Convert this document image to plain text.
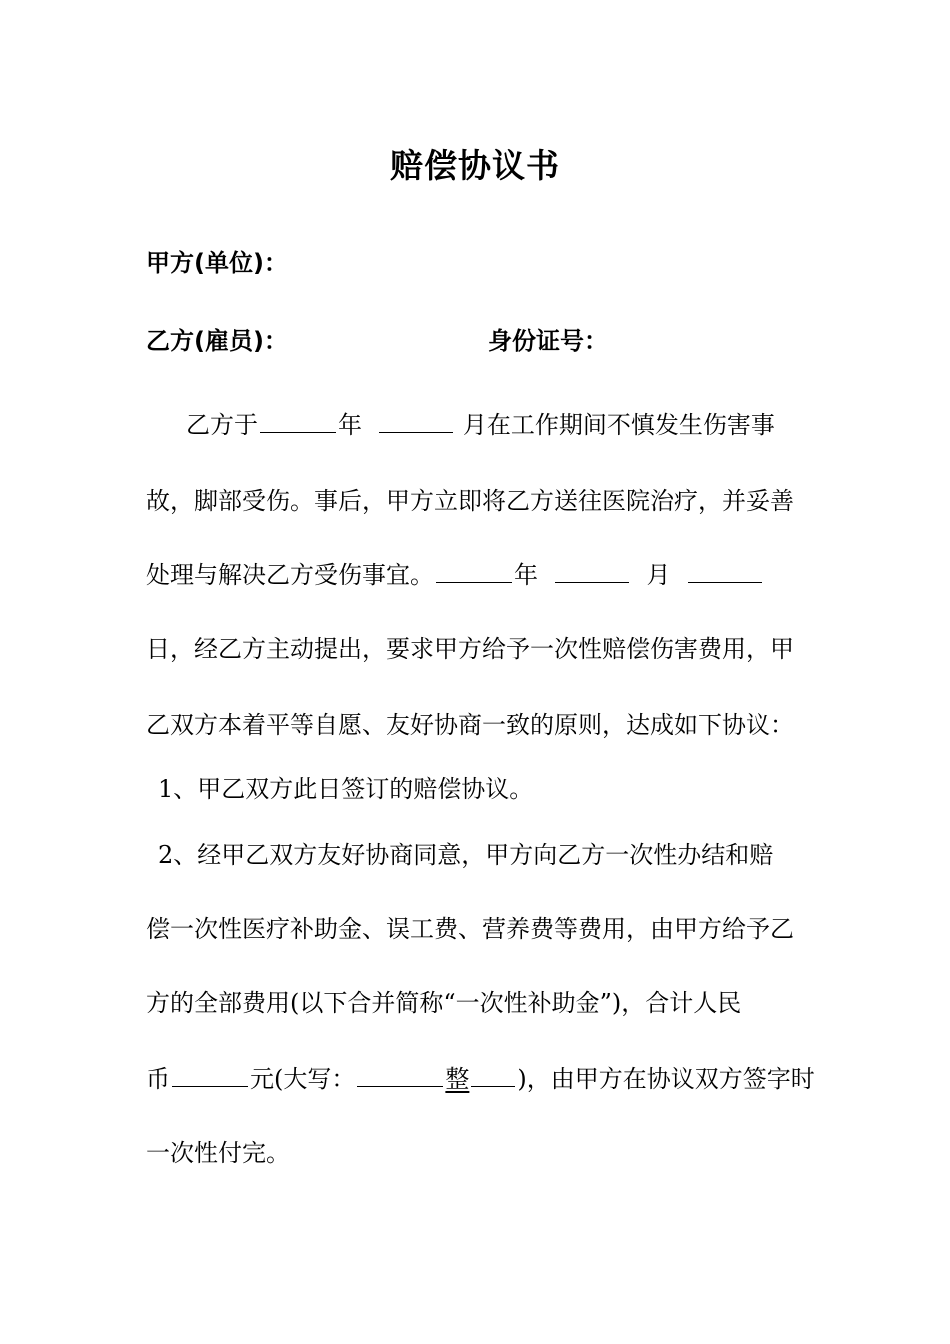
赔偿协议书
甲方(单位)：
乙方(雇员)：	身份证号：
乙方于	年	月在工作期间不慎发生伤害事
故，脚部受伤。事后，甲方立即将乙方送往医院治疗，并妥善
处理与解决乙方受伤事宜。	年	月
日，经乙方主动提出，要求甲方给予一次性赔偿伤害费用，甲
乙双方本着平等自愿、友好协商一致的原则，达成如下协议：
1、甲乙双方此日签订的赔偿协议。
2、经甲乙双方友好协商同意，甲方向乙方一次性办结和赔
偿一次性医疗补助金、误工费、营养费等费用，由甲方给予乙
方的全部费用(以下合并简称“一次性补助金”)，合计人民
币	元(大写：	整 )，由甲方在协议双方签字时
一次性付完。
